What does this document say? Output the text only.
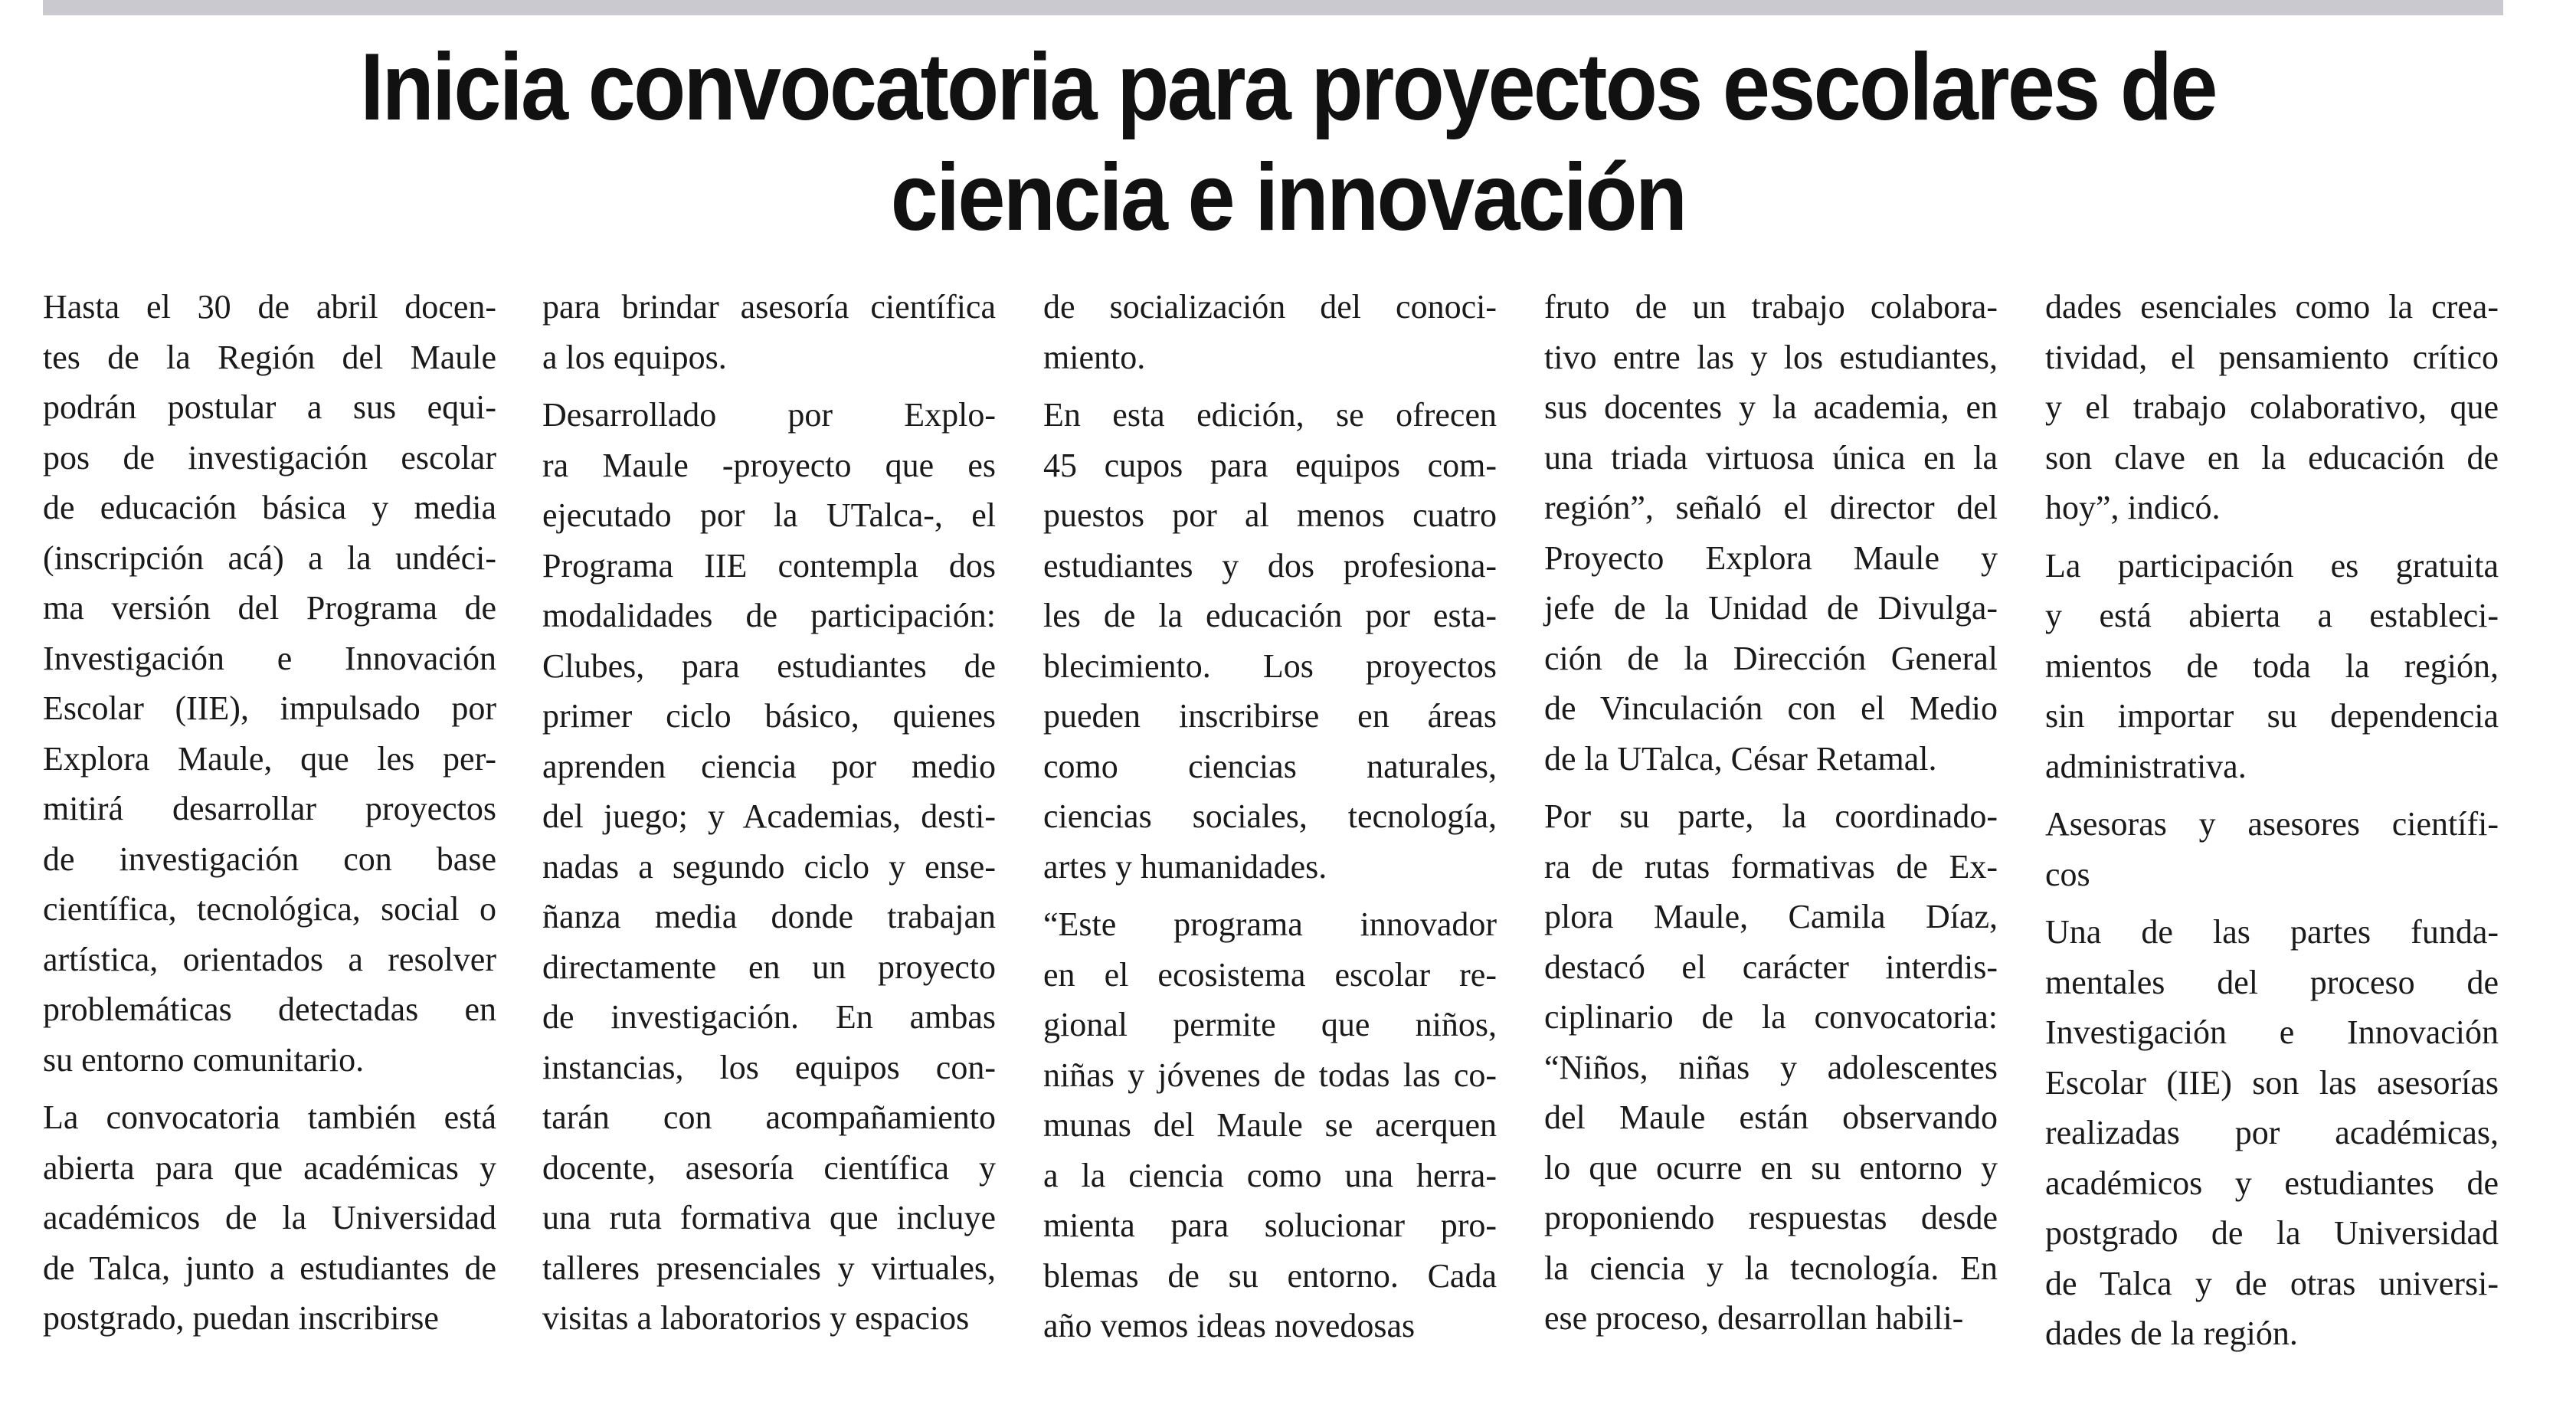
Inicia convocatoria para proyectos escolares de
ciencia e innovación

Hasta el 30 de abril docen-
tes de la Región del Maule
podrán postular a sus equi-
pos de investigación escolar
de educación básica y media
(inscripción acá) a la undéci-
ma versión del Programa de
Investigación e Innovación
Escolar (IIE), impulsado por
Explora Maule, que les per-
mitirá desarrollar proyectos
de investigación con base
científica, tecnológica, social o
artística, orientados a resolver
problemáticas detectadas en
su entorno comunitario.

La convocatoria también está
abierta para que académicas y
académicos de la Universidad
de Talca, junto a estudiantes de
postgrado, puedan inscribirse

para brindar asesoría científica
a los equipos.

Desarrollado por Explo-
ra Maule -proyecto que es
ejecutado por la UTalca-, el
Programa IIE contempla dos
modalidades de participación:
Clubes, para estudiantes de
primer ciclo básico, quienes
aprenden ciencia por medio
del juego; y Academias, desti-
nadas a segundo ciclo y ense-
ñanza media donde trabajan
directamente en un proyecto
de investigación. En ambas
instancias, los equipos con-
tarán con acompañamiento
docente, asesoría científica y
una ruta formativa que incluye
talleres presenciales y virtuales,
visitas a laboratorios y espacios

de socialización del conoci-
miento.

En esta edición, se ofrecen
45 cupos para equipos com-
puestos por al menos cuatro
estudiantes y dos profesiona-
les de la educación por esta-
blecimiento. Los proyectos
pueden inscribirse en áreas
como ciencias naturales,
ciencias sociales, tecnología,
artes y humanidades.

“Este programa innovador
en el ecosistema escolar re-
gional permite que niños,
niñas y jóvenes de todas las co-
munas del Maule se acerquen
a la ciencia como una herra-
mienta para solucionar pro-
blemas de su entorno. Cada
año vemos ideas novedosas

fruto de un trabajo colabora-
tivo entre las y los estudiantes,
sus docentes y la academia, en
una triada virtuosa única en la
región”, señaló el director del
Proyecto Explora Maule y
jefe de la Unidad de Divulga-
ción de la Dirección General
de Vinculación con el Medio
de la UTalca, César Retamal.

Por su parte, la coordinado-
ra de rutas formativas de Ex-
plora Maule, Camila Díaz,
destacó el carácter interdis-
ciplinario de la convocatoria:
“Niños, niñas y adolescentes
del Maule están observando
lo que ocurre en su entorno y
proponiendo respuestas desde
la ciencia y la tecnología. En
ese proceso, desarrollan habili-

dades esenciales como la crea-
tividad, el pensamiento crítico
y el trabajo colaborativo, que
son clave en la educación de
hoy”, indicó.

La participación es gratuita
y está abierta a estableci-
mientos de toda la región,
sin importar su dependencia
administrativa.

Asesoras y asesores científi-
cos

Una de las partes funda-
mentales del proceso de
Investigación e Innovación
Escolar (IIE) son las asesorías
realizadas por académicas,
académicos y estudiantes de
postgrado de la Universidad
de Talca y de otras universi-
dades de la región.
